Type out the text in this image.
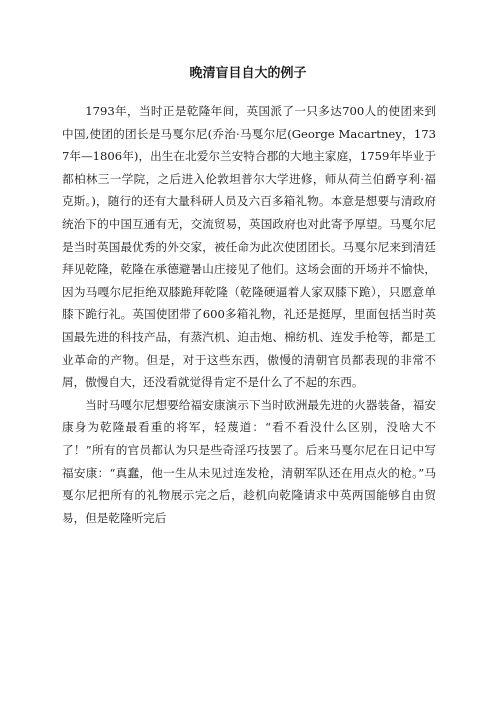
晚清盲目自大的例子

1793年，当时正是乾隆年间，英国派了一只多达700人的使团来到中国,使团的团长是马戛尔尼(乔治·马戛尔尼(George Macartney，1737年—1806年)，出生在北爱尔兰安特合郡的大地主家庭，1759年毕业于都柏林三一学院，之后进入伦敦坦普尔大学进修，师从荷兰伯爵亨利·福克斯。)，随行的还有大量科研人员及六百多箱礼物。本意是想要与清政府统治下的中国互通有无，交流贸易，英国政府也对此寄予厚望。马戛尔尼是当时英国最优秀的外交家，被任命为此次使团团长。马戛尔尼来到清廷拜见乾隆，乾隆在承德避暑山庄接见了他们。这场会面的开场并不愉快，因为马嘎尔尼拒绝双膝跪拜乾隆（乾隆硬逼着人家双膝下跪），只愿意单膝下跪行礼。英国使团带了600多箱礼物，礼还是挺厚，里面包括当时英国最先进的科技产品，有蒸汽机、迫击炮、棉纺机、连发手枪等，都是工业革命的产物。但是，对于这些东西，傲慢的清朝官员都表现的非常不屑，傲慢自大，还没看就觉得肯定不是什么了不起的东西。

当时马嘎尔尼想要给福安康演示下当时欧洲最先进的火器装备，福安康身为乾隆最看重的将军，轻蔑道：“看不看没什么区别，没啥大不了！”所有的官员都认为只是些奇淫巧技罢了。后来马戛尔尼在日记中写福安康：“真蠢，他一生从未见过连发枪，清朝军队还在用点火的枪。”马戛尔尼把所有的礼物展示完之后，趁机向乾隆请求中英两国能够自由贸易，但是乾隆听完后
